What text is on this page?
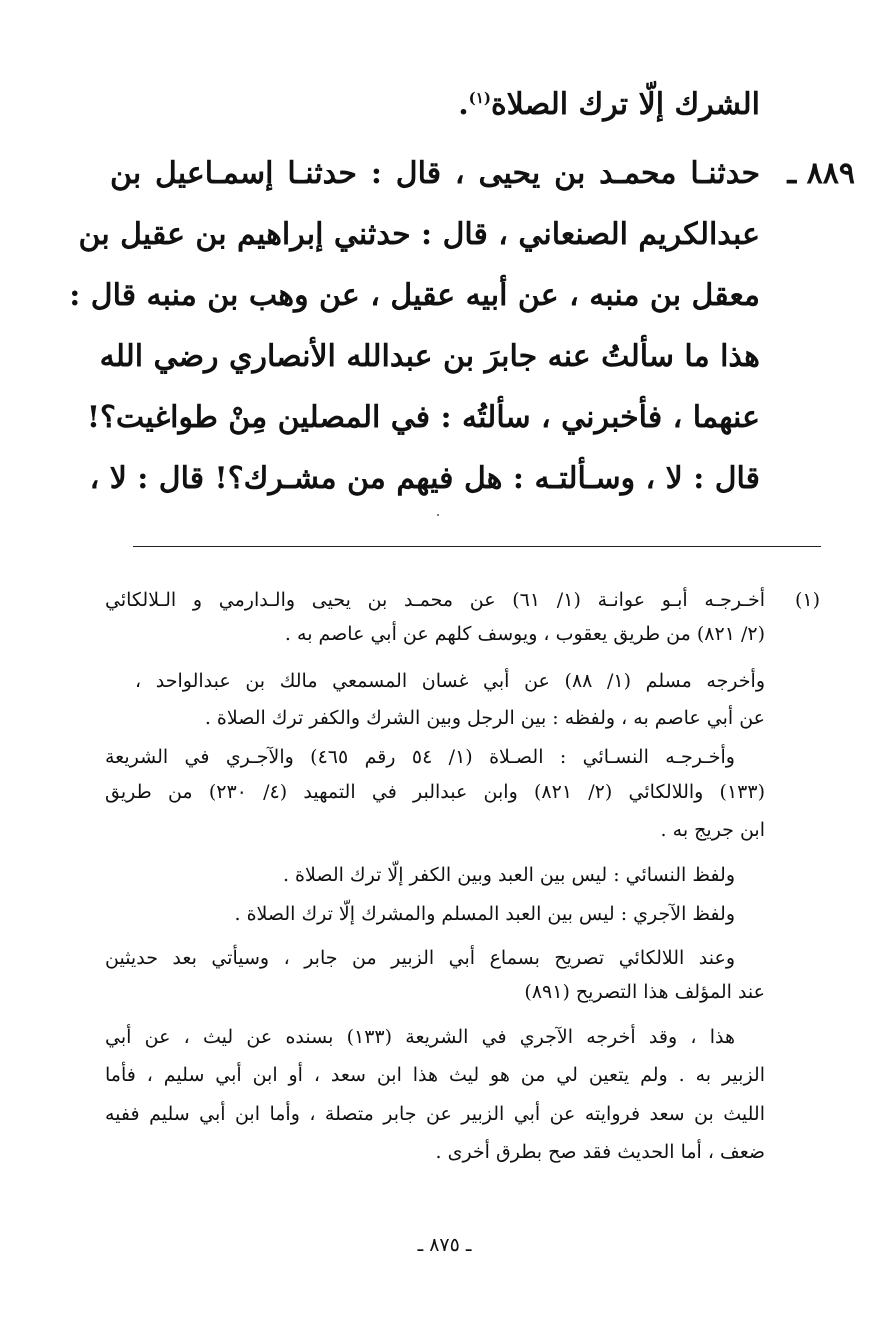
الشرك إلّا ترك الصلاة$^{(١)}$.
حدثنـا محمـد بن يحيى ، قال : حدثنـا إسمـاعيل بن ٨٨٩ ـ
عبدالكريم الصنعاني ، قال : حدثني إبراهيم بن عقيل بن
معقل بن منبه ، عن أبيه عقيل ، عن وهب بن منبه قال :
هذا ما سألتُ عنه جابرَ بن عبدالله الأنصاري رضي الله
عنهما ، فأخبرني ، سألتُه : في المصلين مِنْ طواغيت؟!
قال : لا ، وسـألتـه : هل فيهم من مشـرك؟! قال : لا ،
(١)
أخـرجـه أبـو عوانـة (١/ ٦١) عن محمـد بن يحيى والـدارمي و الـلالكائي
(٢/ ٨٢١) من طريق يعقوب ، ويوسف كلهم عن أبي عاصم به .
وأخرجه مسلم (١/ ٨٨) عن أبي غسان المسمعي مالك بن عبدالواحد ،
عن أبي عاصم به ، ولفظه : بين الرجل وبين الشرك والكفر ترك الصلاة .
وأخـرجـه النسـائي : الصـلاة (١/ ٥٤ رقم ٤٦٥) والآجـري في الشريعة
(١٣٣) واللالكائي (٢/ ٨٢١) وابن عبدالبر في التمهيد (٤/ ٢٣٠) من طريق
ابن جريج به .
ولفظ النسائي : ليس بين العبد وبين الكفر إلّا ترك الصلاة .
ولفظ الآجري : ليس بين العبد المسلم والمشرك إلّا ترك الصلاة .
وعند اللالكائي تصريح بسماع أبي الزبير من جابر ، وسيأتي بعد حديثين
عند المؤلف هذا التصريح (٨٩١)
هذا ، وقد أخرجه الآجري في الشريعة (١٣٣) بسنده عن ليث ، عن أبي
الزبير به . ولم يتعين لي من هو ليث هذا ابن سعد ، أو ابن أبي سليم ، فأما
الليث بن سعد فروايته عن أبي الزبير عن جابر متصلة ، وأما ابن أبي سليم ففيه
ضعف ، أما الحديث فقد صح بطرق أخرى .
ـ ٨٧٥ ـ
